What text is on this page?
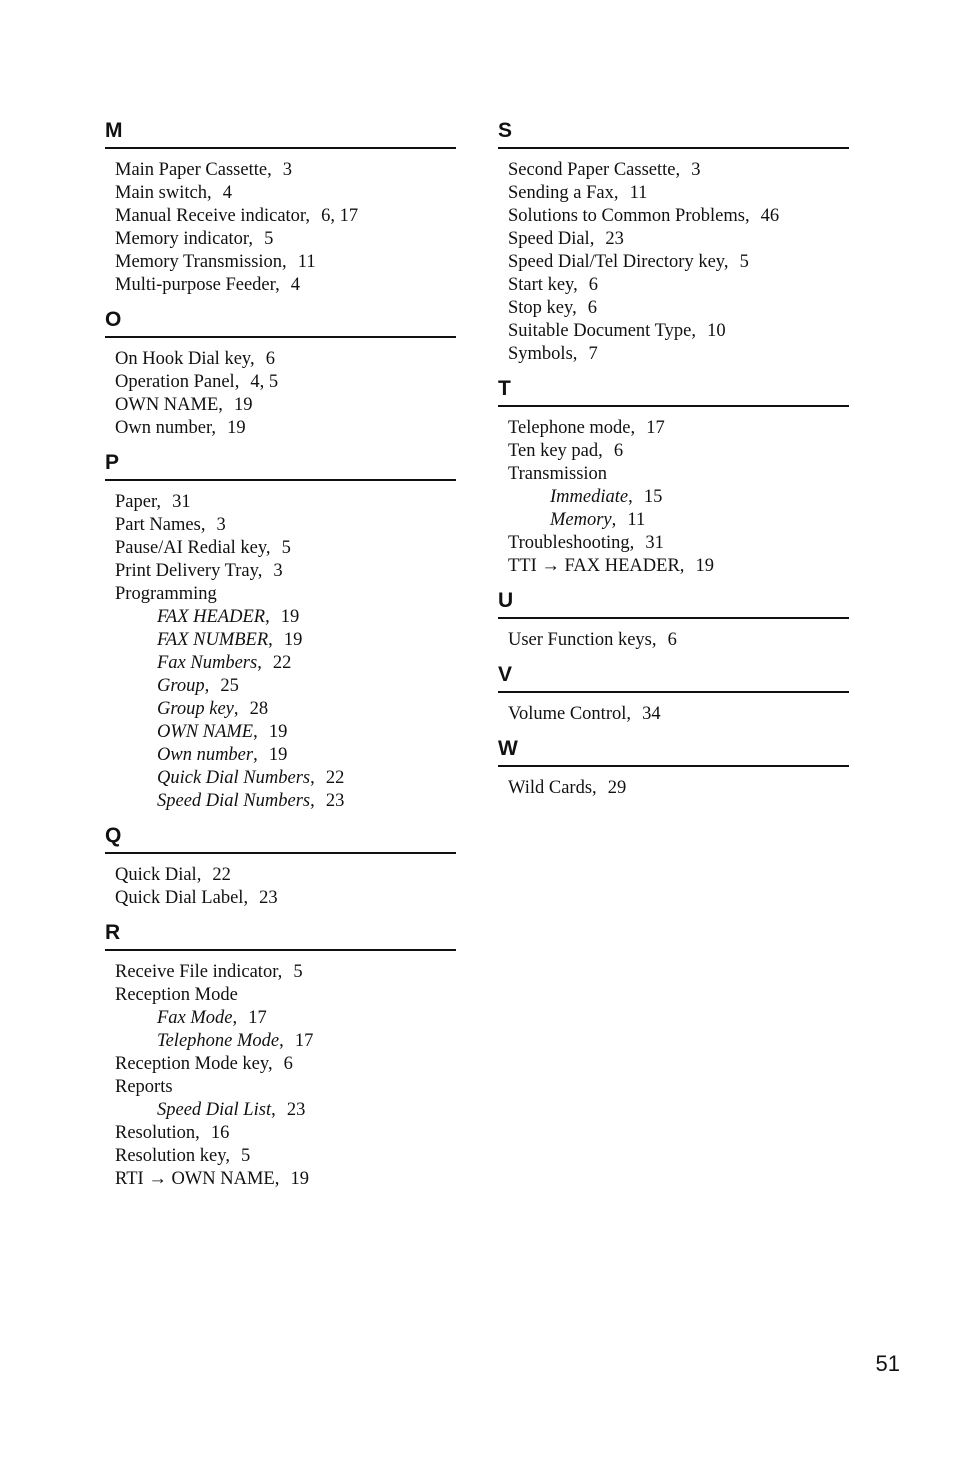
M
Main Paper Cassette, 3
Main switch, 4
Manual Receive indicator, 6, 17
Memory indicator, 5
Memory Transmission, 11
Multi-purpose Feeder, 4
O
On Hook Dial key, 6
Operation Panel, 4, 5
OWN NAME, 19
Own number, 19
P
Paper, 31
Part Names, 3
Pause/AI Redial key, 5
Print Delivery Tray, 3
Programming
FAX HEADER, 19
FAX NUMBER, 19
Fax Numbers, 22
Group, 25
Group key, 28
OWN NAME, 19
Own number, 19
Quick Dial Numbers, 22
Speed Dial Numbers, 23
Q
Quick Dial, 22
Quick Dial Label, 23
R
Receive File indicator, 5
Reception Mode
Fax Mode, 17
Telephone Mode, 17
Reception Mode key, 6
Reports
Speed Dial List, 23
Resolution, 16
Resolution key, 5
RTI → OWN NAME, 19
S
Second Paper Cassette, 3
Sending a Fax, 11
Solutions to Common Problems, 46
Speed Dial, 23
Speed Dial/Tel Directory key, 5
Start key, 6
Stop key, 6
Suitable Document Type, 10
Symbols, 7
T
Telephone mode, 17
Ten key pad, 6
Transmission
Immediate, 15
Memory, 11
Troubleshooting, 31
TTI → FAX HEADER, 19
U
User Function keys, 6
V
Volume Control, 34
W
Wild Cards, 29
51
